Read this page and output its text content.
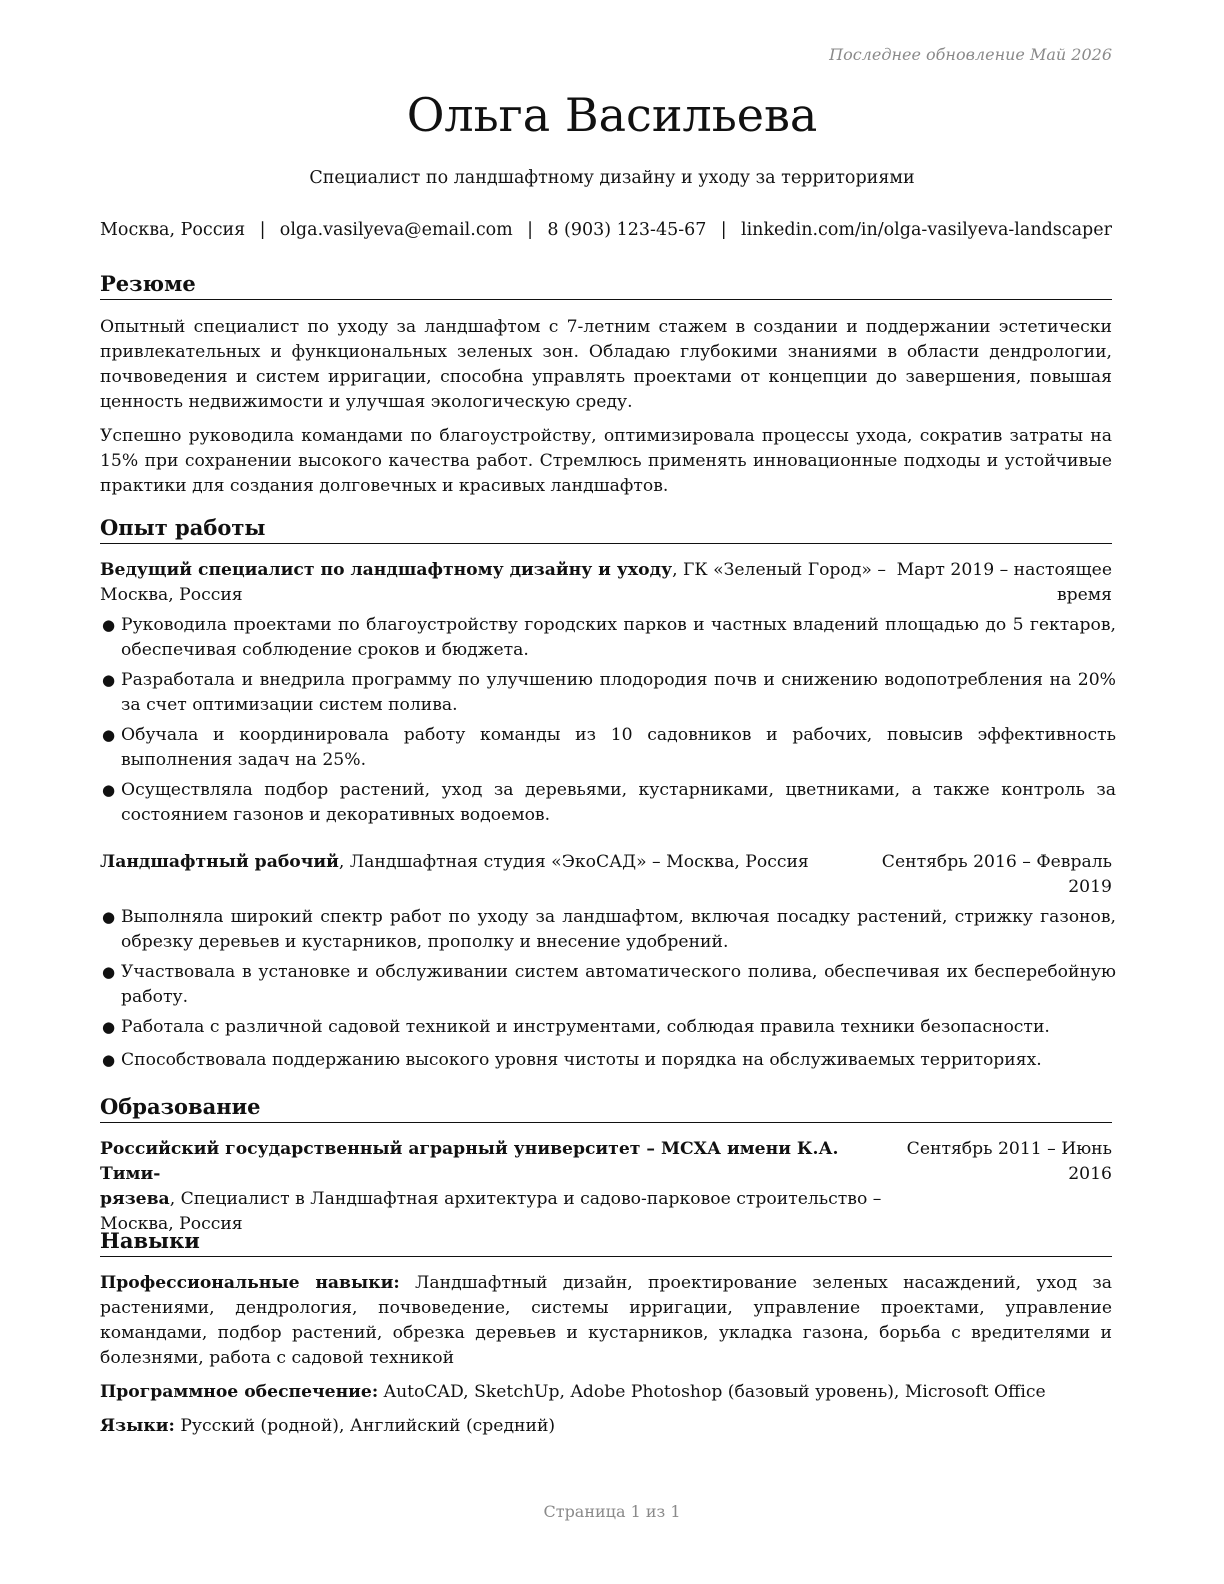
Последнее обновление Май 2026
Ольга Васильева
Специалист по ландшафтному дизайну и уходу за территориями
Москва, Россия | olga.vasilyeva@email.com | 8 (903) 123-45-67 | linkedin.com/in/olga-vasilyeva-landscaper
Резюме

Опытный специалист по уходу за ландшафтом с 7-летним стажем в создании и поддержании эстетически привлекательных и функциональных зеленых зон. Обладаю глубокими знаниями в области дендрологии, почвоведения и систем ирригации, способна управлять проектами от концепции до завершения, повышая ценность недвижимости и улучшая экологическую среду.

Успешно руководила командами по благоустройству, оптимизировала процессы ухода, сократив затраты на 15% при сохранении высокого качества работ. Стремлюсь применять инновационные подходы и устойчивые практики для создания долговечных и красивых ландшафтов.

Опыт работы
Ведущий специалист по ландшафтному дизайну и уходу, ГК «Зеленый Город» –
Москва, Россия
Март 2019 – настоящее
время
● Руководила проектами по благоустройству городских парков и частных владений площадью до 5 гектаров, обеспечивая соблюдение сроков и бюджета.
● Разработала и внедрила программу по улучшению плодородия почв и снижению водопотребления на 20% за счет оптимизации систем полива.
● Обучала и координировала работу команды из 10 садовников и рабочих, повысив эффективность выполнения задач на 25%.
● Осуществляла подбор растений, уход за деревьями, кустарниками, цветниками, а также контроль за состоянием газонов и декоративных водоемов.
Ландшафтный рабочий, Ландшафтная студия «ЭкоСАД» – Москва, Россия	Сентябрь 2016 – Февраль
2019
● Выполняла широкий спектр работ по уходу за ландшафтом, включая посадку растений, стрижку газонов, обрезку деревьев и кустарников, прополку и внесение удобрений.
● Участвовала в установке и обслуживании систем автоматического полива, обеспечивая их бесперебойную работу.
● Работала с различной садовой техникой и инструментами, соблюдая правила техники безопасности.
● Способствовала поддержанию высокого уровня чистоты и порядка на обслуживаемых территориях.
Образование
Российский государственный аграрный университет – МСХА имени К.А. Тими-
рязева, Специалист в Ландшафтная архитектура и садово-парковое строительство –
Москва, Россия
Сентябрь 2011 – Июнь
2016
Навыки

Профессиональные навыки: Ландшафтный дизайн, проектирование зеленых насаждений, уход за растениями, дендрология, почвоведение, системы ирригации, управление проектами, управление командами, подбор растений, обрезка деревьев и кустарников, укладка газона, борьба с вредителями и болезнями, работа с садовой техникой

Программное обеспечение: AutoCAD, SketchUp, Adobe Photoshop (базовый уровень), Microsoft Office

Языки: Русский (родной), Английский (средний)

Страница 1 из 1
